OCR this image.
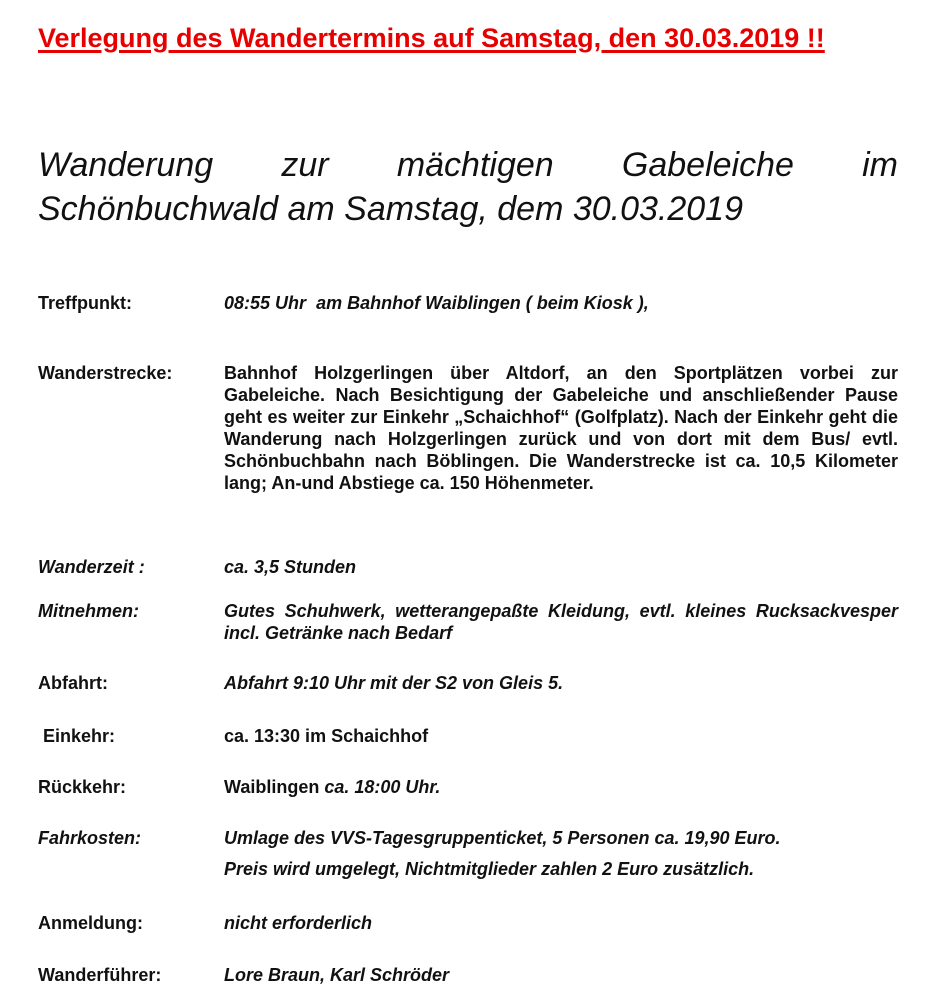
Verlegung des Wandertermins auf Samstag, den 30.03.2019 !!
Wanderung zur mächtigen Gabeleiche im Schönbuchwald am Samstag, dem 30.03.2019
Treffpunkt:	08:55 Uhr am Bahnhof Waiblingen ( beim Kiosk ),
Wanderstrecke:	Bahnhof Holzgerlingen über Altdorf, an den Sportplätzen vorbei zur Gabeleiche. Nach Besichtigung der Gabeleiche und anschließender Pause geht es weiter zur Einkehr „Schaichhof“ (Golfplatz). Nach der Einkehr geht die Wanderung nach Holzgerlingen zurück und von dort mit dem Bus/ evtl. Schönbuchbahn nach Böblingen. Die Wanderstrecke ist ca. 10,5 Kilometer lang; An-und Abstiege ca. 150 Höhenmeter.
Wanderzeit :	ca. 3,5 Stunden
Mitnehmen:	Gutes Schuhwerk, wetterangepaßte Kleidung, evtl. kleines Rucksackvesper incl. Getränke nach Bedarf
Abfahrt:	Abfahrt 9:10 Uhr mit der S2 von Gleis 5.
Einkehr:	ca. 13:30 im Schaichhof
Rückkehr:	Waiblingen ca. 18:00 Uhr.
Fahrkosten:	Umlage des VVS-Tagesgruppenticket, 5 Personen ca. 19,90 Euro.
Preis wird umgelegt, Nichtmitglieder zahlen 2 Euro zusätzlich.
Anmeldung:	nicht erforderlich
Wanderführer:	Lore Braun, Karl Schröder
